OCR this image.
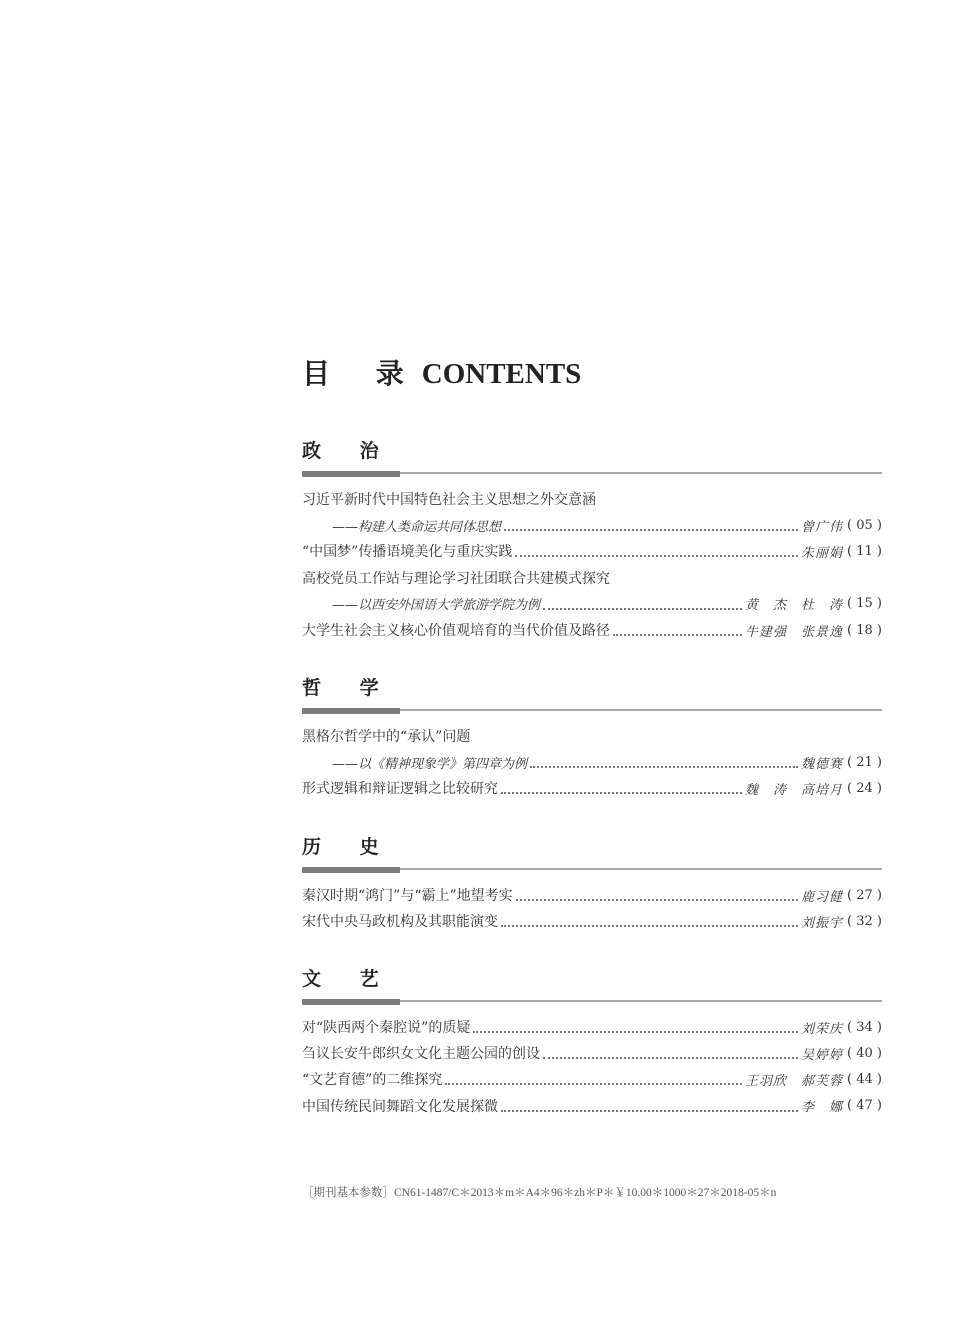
目 录CONTENTS
政 治
习近平新时代中国特色社会主义思想之外交意涵
——构建人类命运共同体思想	曾广伟 ( 05 )
“中国梦”传播语境美化与重庆实践	朱丽娟 ( 11 )
高校党员工作站与理论学习社团联合共建模式探究
——以西安外国语大学旅游学院为例	黄　杰　杜　涛 ( 15 )
大学生社会主义核心价值观培育的当代价值及路径	牛建强　张景逸 ( 18 )
哲 学
黑格尔哲学中的“承认”问题
——以《精神现象学》第四章为例	魏德赛 ( 21 )
形式逻辑和辩证逻辑之比较研究	魏　涛　高培月 ( 24 )
历 史
秦汉时期“鸿门”与“霸上”地望考实	鹿习健 ( 27 )
宋代中央马政机构及其职能演变	刘振宇 ( 32 )
文 艺
对“陕西两个秦腔说”的质疑	刘荣庆 ( 34 )
刍议长安牛郎织女文化主题公园的创设	吴婷婷 ( 40 )
“文艺育德”的二维探究	王羽欣　郝芙蓉 ( 44 )
中国传统民间舞蹈文化发展探微	李　娜 ( 47 )
［期刊基本参数］CN61-1487/C＊2013＊m＊A4＊96＊zh＊P＊￥10.00＊1000＊27＊2018-05＊n
